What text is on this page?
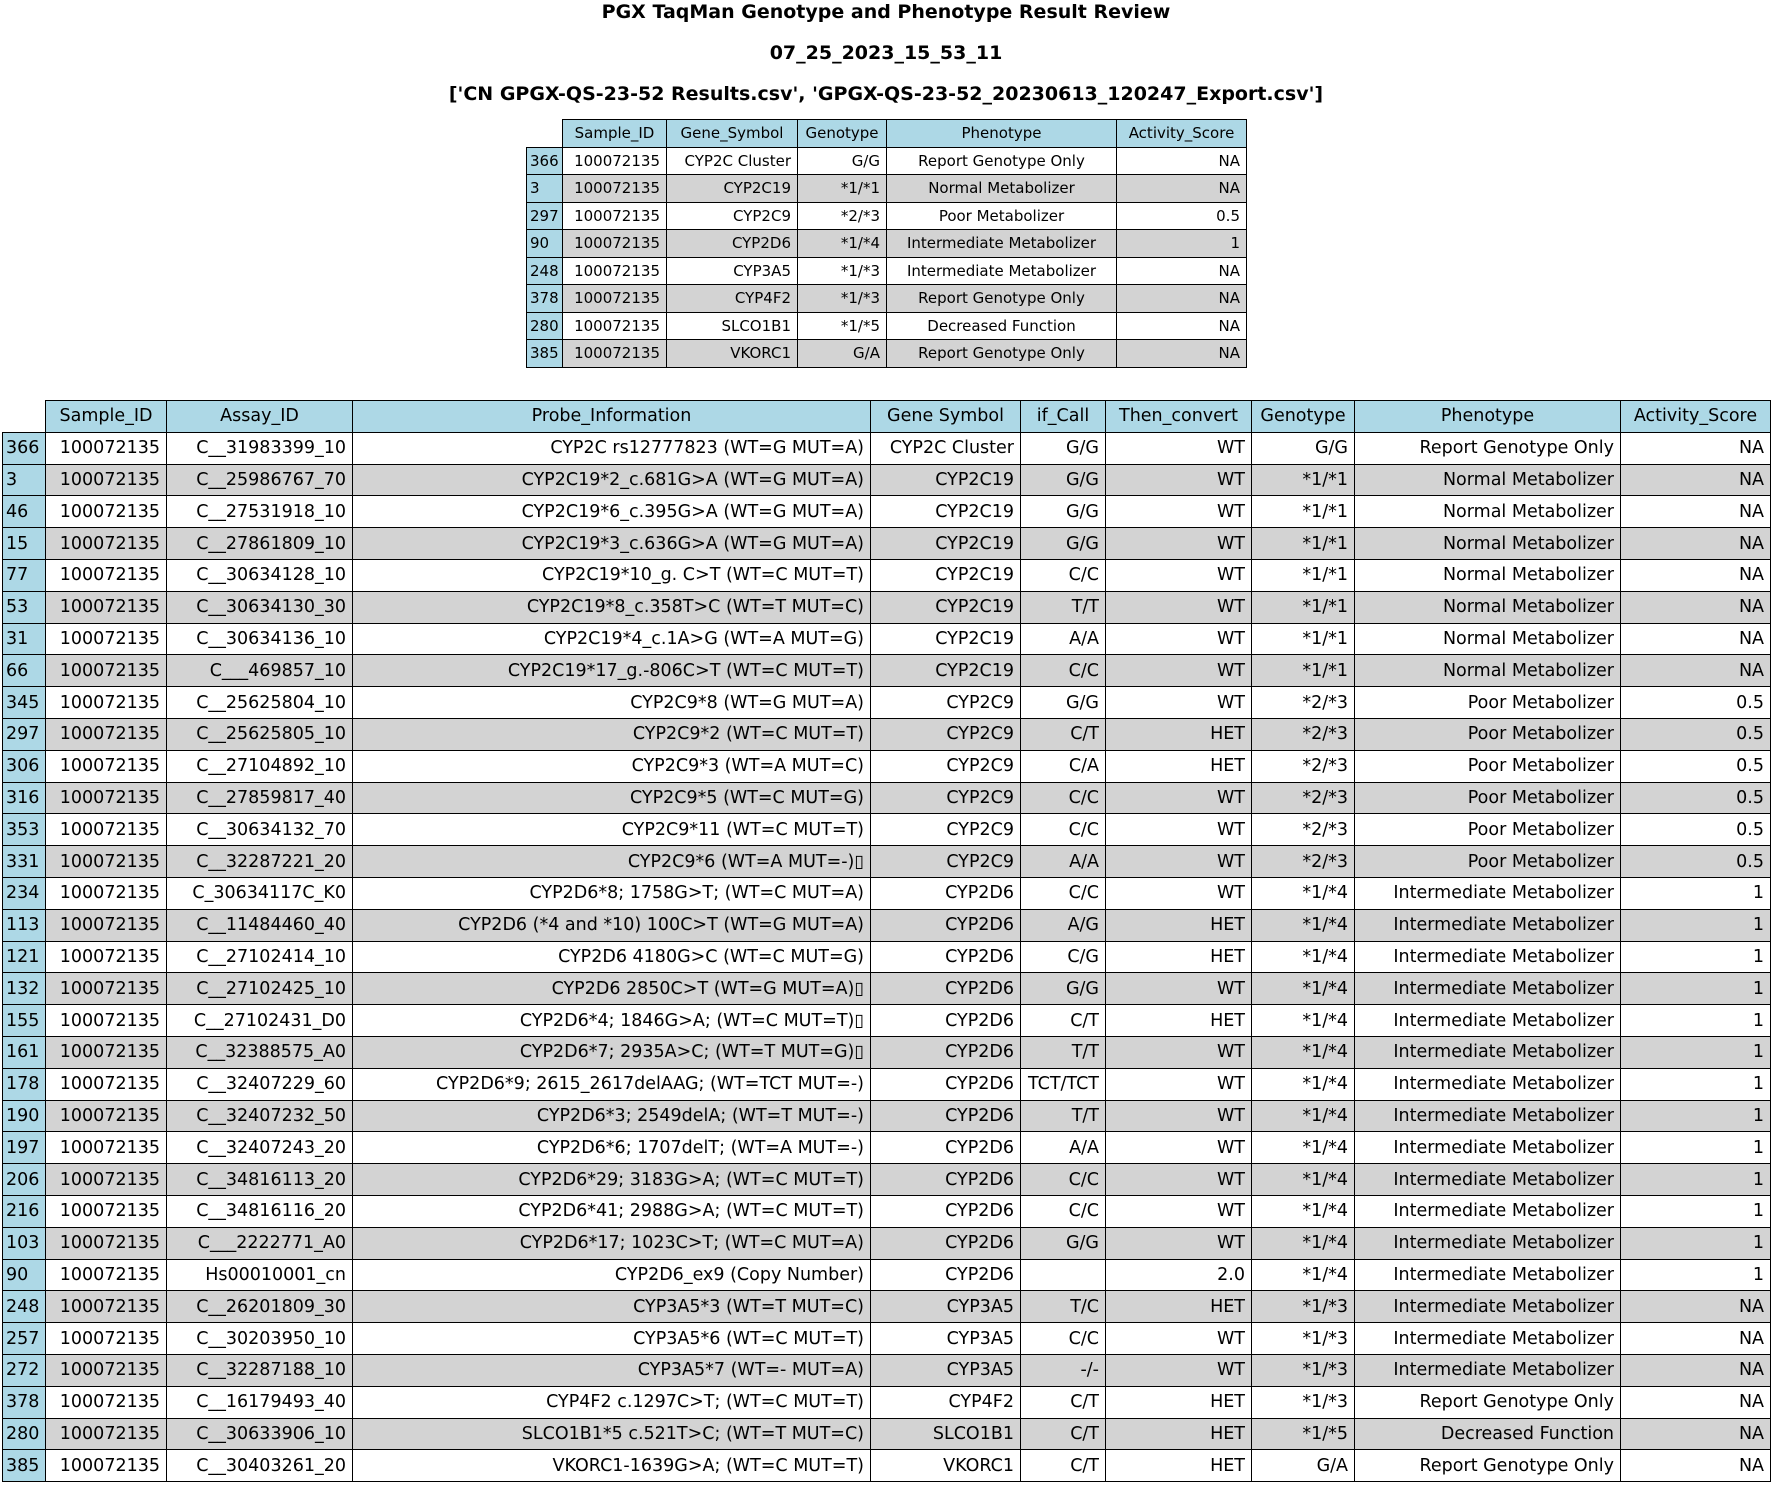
PGX TaqMan Genotype and Phenotype Result Review
07_25_2023_15_53_11
['CN GPGX-QS-23-52 Results.csv', 'GPGX-QS-23-52_20230613_120247_Export.csv']
	Sample_ID	Gene_Symbol	Genotype	Phenotype	Activity_Score
366	100072135	CYP2C Cluster	G/G	Report Genotype Only	NA
3	100072135	CYP2C19	*1/*1	Normal Metabolizer	NA
297	100072135	CYP2C9	*2/*3	Poor Metabolizer	0.5
90	100072135	CYP2D6	*1/*4	Intermediate Metabolizer	1
248	100072135	CYP3A5	*1/*3	Intermediate Metabolizer	NA
378	100072135	CYP4F2	*1/*3	Report Genotype Only	NA
280	100072135	SLCO1B1	*1/*5	Decreased Function	NA
385	100072135	VKORC1	G/A	Report Genotype Only	NA
	Sample_ID	Assay_ID	Probe_Information	Gene Symbol	if_Call	Then_convert	Genotype	Phenotype	Activity_Score
366	100072135	C__31983399_10	CYP2C rs12777823 (WT=G MUT=A)	CYP2C Cluster	G/G	WT	G/G	Report Genotype Only	NA
3	100072135	C__25986767_70	CYP2C19*2_c.681G>A (WT=G MUT=A)	CYP2C19	G/G	WT	*1/*1	Normal Metabolizer	NA
46	100072135	C__27531918_10	CYP2C19*6_c.395G>A (WT=G MUT=A)	CYP2C19	G/G	WT	*1/*1	Normal Metabolizer	NA
15	100072135	C__27861809_10	CYP2C19*3_c.636G>A (WT=G MUT=A)	CYP2C19	G/G	WT	*1/*1	Normal Metabolizer	NA
77	100072135	C__30634128_10	CYP2C19*10_g. C>T (WT=C MUT=T)	CYP2C19	C/C	WT	*1/*1	Normal Metabolizer	NA
53	100072135	C__30634130_30	CYP2C19*8_c.358T>C (WT=T MUT=C)	CYP2C19	T/T	WT	*1/*1	Normal Metabolizer	NA
31	100072135	C__30634136_10	CYP2C19*4_c.1A>G (WT=A MUT=G)	CYP2C19	A/A	WT	*1/*1	Normal Metabolizer	NA
66	100072135	C___469857_10	CYP2C19*17_g.-806C>T (WT=C MUT=T)	CYP2C19	C/C	WT	*1/*1	Normal Metabolizer	NA
345	100072135	C__25625804_10	CYP2C9*8 (WT=G MUT=A)	CYP2C9	G/G	WT	*2/*3	Poor Metabolizer	0.5
297	100072135	C__25625805_10	CYP2C9*2 (WT=C MUT=T)	CYP2C9	C/T	HET	*2/*3	Poor Metabolizer	0.5
306	100072135	C__27104892_10	CYP2C9*3 (WT=A MUT=C)	CYP2C9	C/A	HET	*2/*3	Poor Metabolizer	0.5
316	100072135	C__27859817_40	CYP2C9*5 (WT=C MUT=G)	CYP2C9	C/C	WT	*2/*3	Poor Metabolizer	0.5
353	100072135	C__30634132_70	CYP2C9*11 (WT=C MUT=T)	CYP2C9	C/C	WT	*2/*3	Poor Metabolizer	0.5
331	100072135	C__32287221_20	CYP2C9*6 (WT=A MUT=-)▯	CYP2C9	A/A	WT	*2/*3	Poor Metabolizer	0.5
234	100072135	C_30634117C_K0	CYP2D6*8; 1758G>T; (WT=C MUT=A)	CYP2D6	C/C	WT	*1/*4	Intermediate Metabolizer	1
113	100072135	C__11484460_40	CYP2D6 (*4 and *10) 100C>T (WT=G MUT=A)	CYP2D6	A/G	HET	*1/*4	Intermediate Metabolizer	1
121	100072135	C__27102414_10	CYP2D6 4180G>C (WT=C MUT=G)	CYP2D6	C/G	HET	*1/*4	Intermediate Metabolizer	1
132	100072135	C__27102425_10	CYP2D6 2850C>T (WT=G MUT=A)▯	CYP2D6	G/G	WT	*1/*4	Intermediate Metabolizer	1
155	100072135	C__27102431_D0	CYP2D6*4; 1846G>A; (WT=C MUT=T)▯	CYP2D6	C/T	HET	*1/*4	Intermediate Metabolizer	1
161	100072135	C__32388575_A0	CYP2D6*7; 2935A>C; (WT=T MUT=G)▯	CYP2D6	T/T	WT	*1/*4	Intermediate Metabolizer	1
178	100072135	C__32407229_60	CYP2D6*9; 2615_2617delAAG; (WT=TCT MUT=-)	CYP2D6	TCT/TCT	WT	*1/*4	Intermediate Metabolizer	1
190	100072135	C__32407232_50	CYP2D6*3; 2549delA; (WT=T MUT=-)	CYP2D6	T/T	WT	*1/*4	Intermediate Metabolizer	1
197	100072135	C__32407243_20	CYP2D6*6; 1707delT; (WT=A MUT=-)	CYP2D6	A/A	WT	*1/*4	Intermediate Metabolizer	1
206	100072135	C__34816113_20	CYP2D6*29; 3183G>A; (WT=C MUT=T)	CYP2D6	C/C	WT	*1/*4	Intermediate Metabolizer	1
216	100072135	C__34816116_20	CYP2D6*41; 2988G>A; (WT=C MUT=T)	CYP2D6	C/C	WT	*1/*4	Intermediate Metabolizer	1
103	100072135	C___2222771_A0	CYP2D6*17; 1023C>T; (WT=C MUT=A)	CYP2D6	G/G	WT	*1/*4	Intermediate Metabolizer	1
90	100072135	Hs00010001_cn	CYP2D6_ex9 (Copy Number)	CYP2D6		2.0	*1/*4	Intermediate Metabolizer	1
248	100072135	C__26201809_30	CYP3A5*3 (WT=T MUT=C)	CYP3A5	T/C	HET	*1/*3	Intermediate Metabolizer	NA
257	100072135	C__30203950_10	CYP3A5*6 (WT=C MUT=T)	CYP3A5	C/C	WT	*1/*3	Intermediate Metabolizer	NA
272	100072135	C__32287188_10	CYP3A5*7 (WT=- MUT=A)	CYP3A5	-/-	WT	*1/*3	Intermediate Metabolizer	NA
378	100072135	C__16179493_40	CYP4F2 c.1297C>T; (WT=C MUT=T)	CYP4F2	C/T	HET	*1/*3	Report Genotype Only	NA
280	100072135	C__30633906_10	SLCO1B1*5 c.521T>C; (WT=T MUT=C)	SLCO1B1	C/T	HET	*1/*5	Decreased Function	NA
385	100072135	C__30403261_20	VKORC1-1639G>A; (WT=C MUT=T)	VKORC1	C/T	HET	G/A	Report Genotype Only	NA
